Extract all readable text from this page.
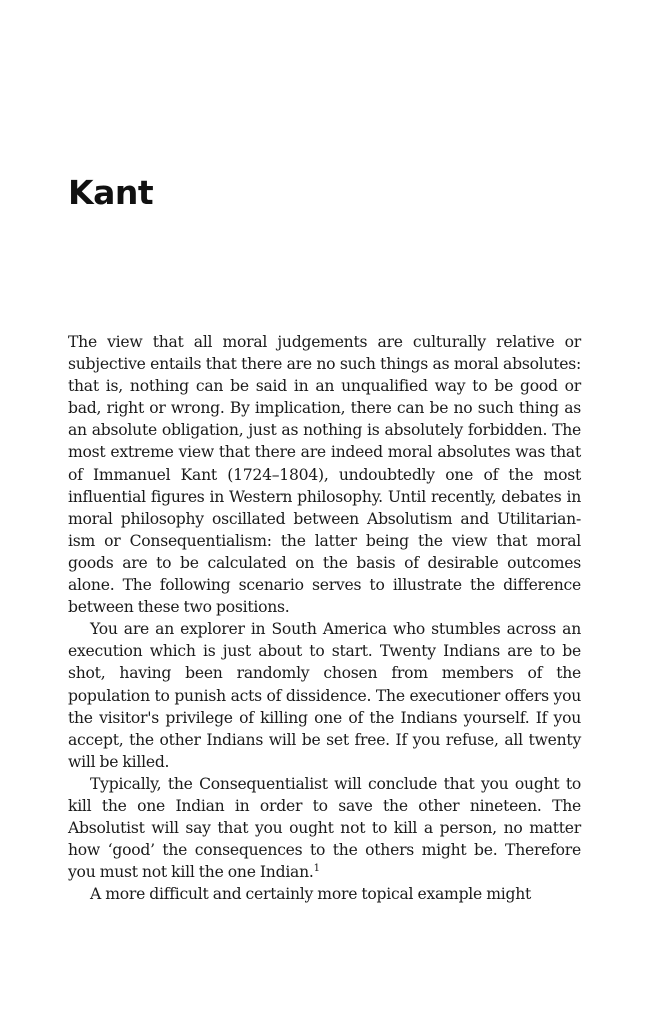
Kant

The view that all moral judgements are culturally relative or subjective entails that there are no such things as moral absolutes: that is, nothing can be said in an unqualified way to be good or bad, right or wrong. By implication, there can be no such thing as an absolute obligation, just as nothing is absolutely forbidden. The most extreme view that there are indeed moral absolutes was that of Immanuel Kant (1724–1804), undoubtedly one of the most influential figures in Western philosophy. Until recently, debates in moral philosophy oscillated between Absolutism and Utilitarian-ism or Consequentialism: the latter being the view that moral goods are to be calculated on the basis of desirable outcomes alone. The following scenario serves to illustrate the difference between these two positions.

You are an explorer in South America who stumbles across an execution which is just about to start. Twenty Indians are to be shot, having been randomly chosen from members of the population to punish acts of dissidence. The executioner offers you the visitor's privilege of killing one of the Indians yourself. If you accept, the other Indians will be set free. If you refuse, all twenty will be killed.

Typically, the Consequentialist will conclude that you ought to kill the one Indian in order to save the other nineteen. The Absolutist will say that you ought not to kill a person, no matter how ‘good’ the consequences to the others might be. Therefore you must not kill the one Indian.$^1$

A more difficult and certainly more topical example might
